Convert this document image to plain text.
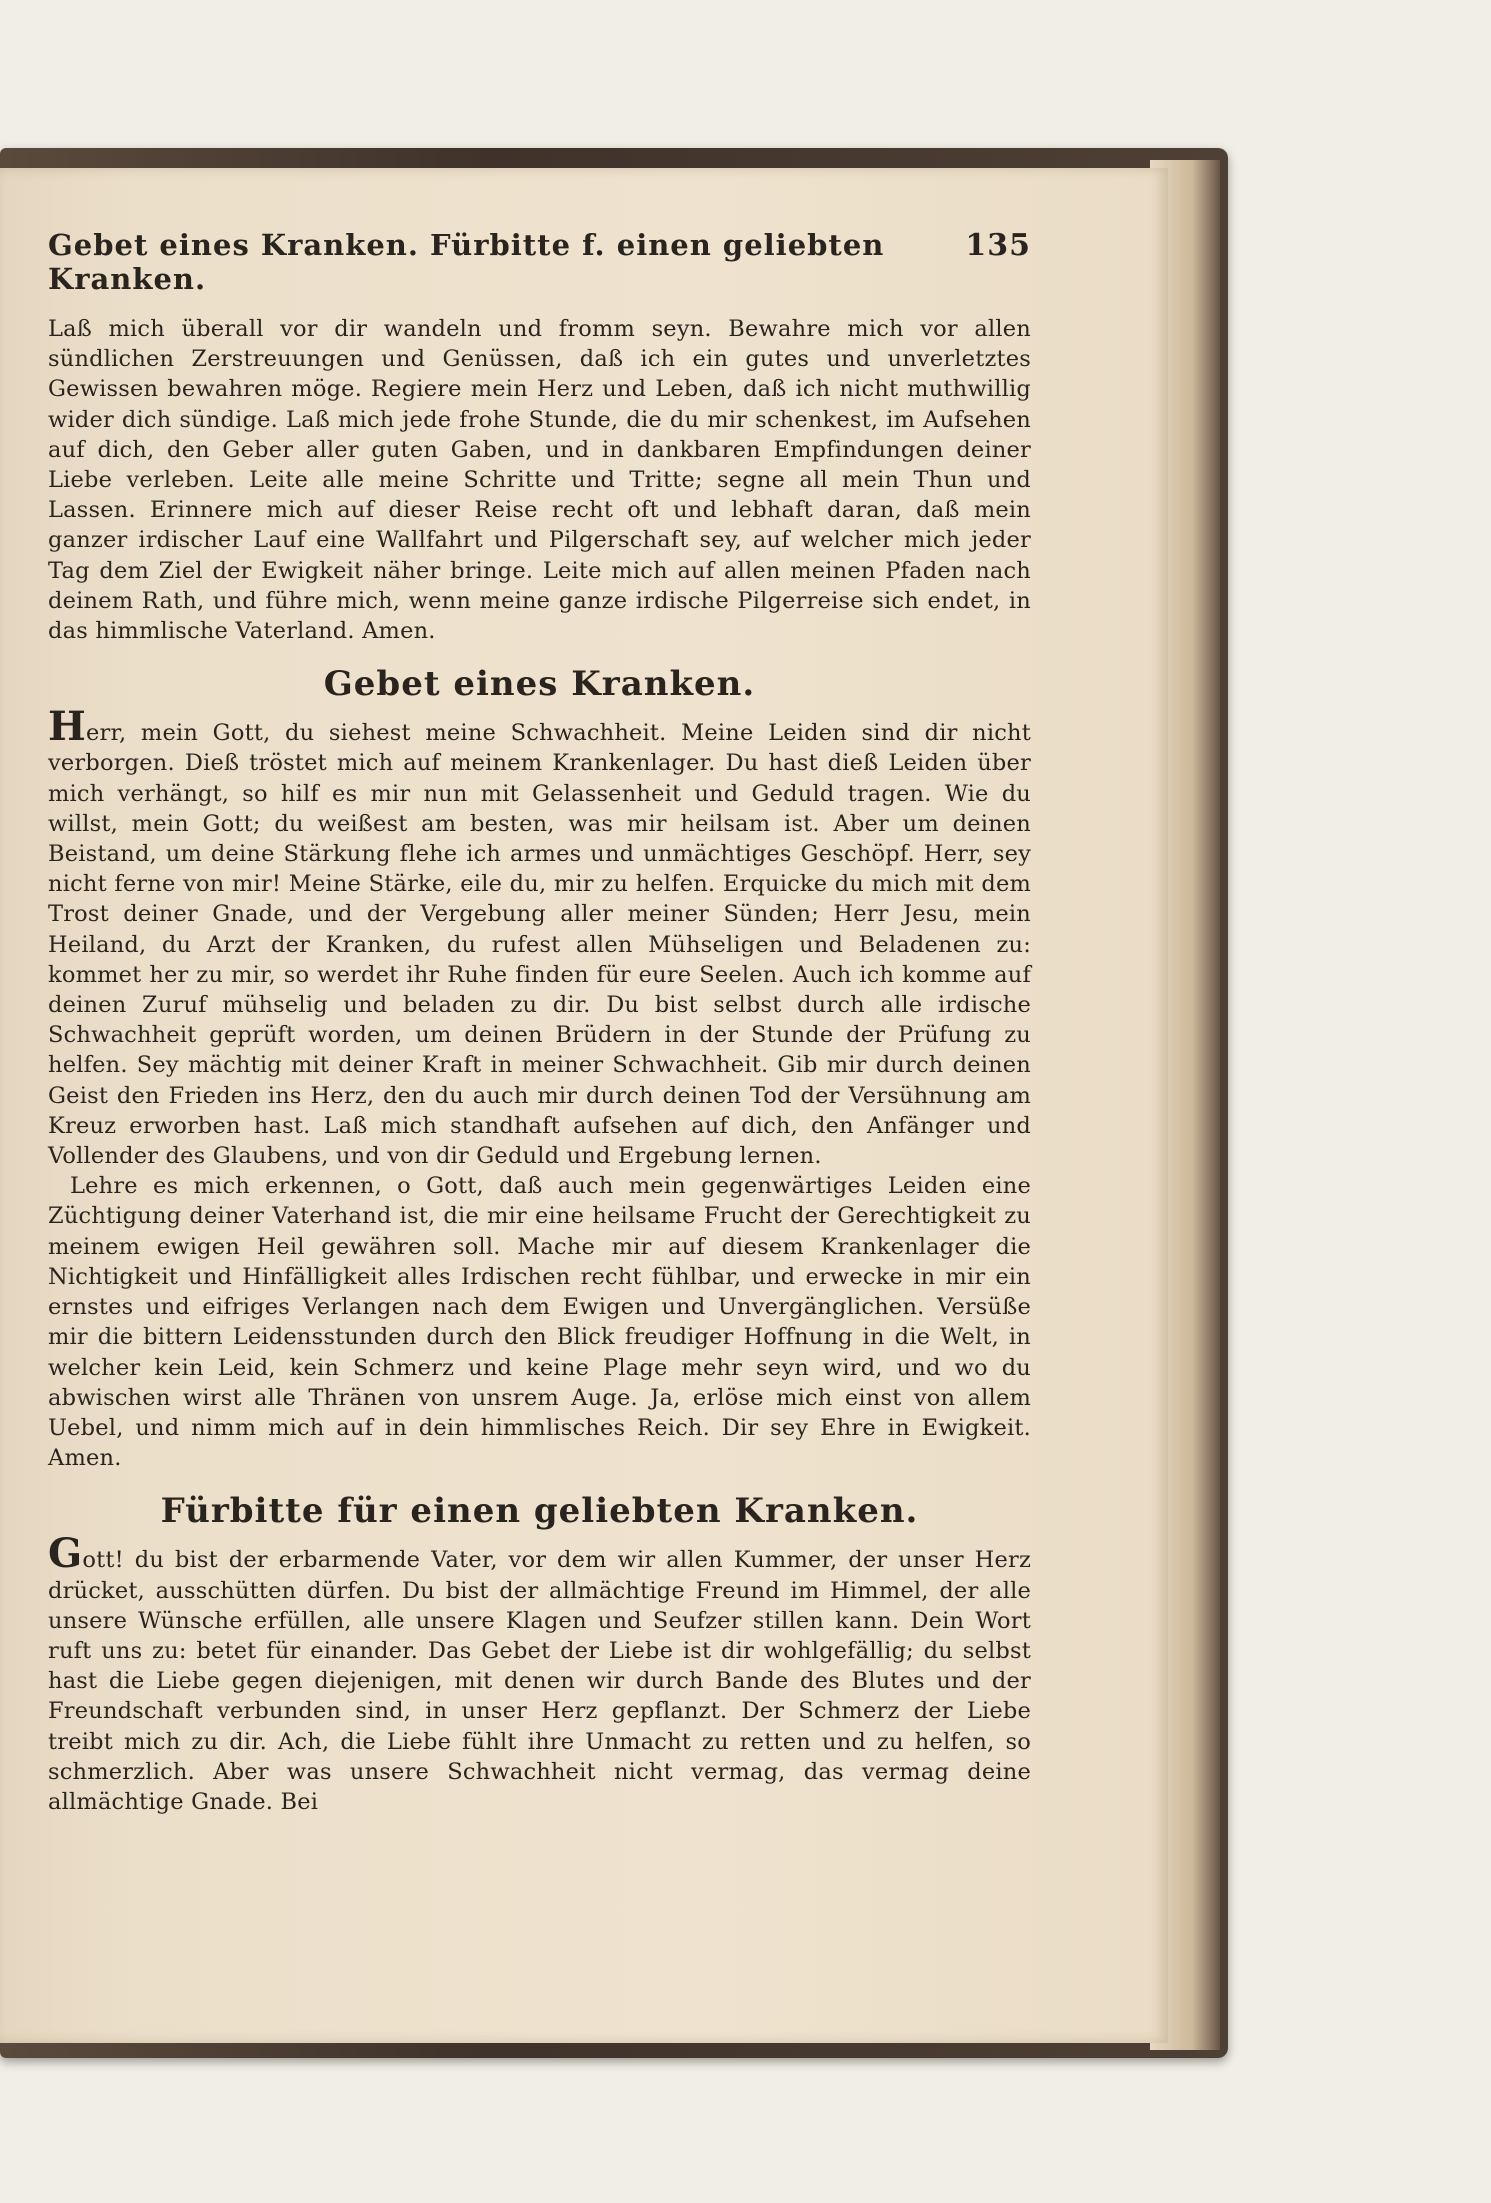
Gebet eines Kranken. Fürbitte f. einen geliebten Kranken.
135

Laß mich überall vor dir wandeln und fromm seyn. Bewahre mich vor allen sündlichen Zerstreuungen und Genüssen, daß ich ein gutes und unverletztes Gewissen bewahren möge. Regiere mein Herz und Leben, daß ich nicht muthwillig wider dich sündige. Laß mich jede frohe Stunde, die du mir schenkest, im Aufsehen auf dich, den Geber aller guten Gaben, und in dankbaren Empfindungen deiner Liebe verleben. Leite alle meine Schritte und Tritte; segne all mein Thun und Lassen. Erinnere mich auf dieser Reise recht oft und lebhaft daran, daß mein ganzer irdischer Lauf eine Wallfahrt und Pilgerschaft sey, auf welcher mich jeder Tag dem Ziel der Ewigkeit näher bringe. Leite mich auf allen meinen Pfaden nach deinem Rath, und führe mich, wenn meine ganze irdische Pilgerreise sich endet, in das himmlische Vaterland. Amen.

Gebet eines Kranken.

Herr, mein Gott, du siehest meine Schwachheit. Meine Leiden sind dir nicht verborgen. Dieß tröstet mich auf meinem Krankenlager. Du hast dieß Leiden über mich verhängt, so hilf es mir nun mit Gelassenheit und Geduld tragen. Wie du willst, mein Gott; du weißest am besten, was mir heilsam ist. Aber um deinen Beistand, um deine Stärkung flehe ich armes und unmächtiges Geschöpf. Herr, sey nicht ferne von mir! Meine Stärke, eile du, mir zu helfen. Erquicke du mich mit dem Trost deiner Gnade, und der Vergebung aller meiner Sünden; Herr Jesu, mein Heiland, du Arzt der Kranken, du rufest allen Mühseligen und Beladenen zu: kommet her zu mir, so werdet ihr Ruhe finden für eure Seelen. Auch ich komme auf deinen Zuruf mühselig und beladen zu dir. Du bist selbst durch alle irdische Schwachheit geprüft worden, um deinen Brüdern in der Stunde der Prüfung zu helfen. Sey mächtig mit deiner Kraft in meiner Schwachheit. Gib mir durch deinen Geist den Frieden ins Herz, den du auch mir durch deinen Tod der Versühnung am Kreuz erworben hast. Laß mich standhaft aufsehen auf dich, den Anfänger und Vollender des Glaubens, und von dir Geduld und Ergebung lernen.

Lehre es mich erkennen, o Gott, daß auch mein gegenwärtiges Leiden eine Züchtigung deiner Vaterhand ist, die mir eine heilsame Frucht der Gerechtigkeit zu meinem ewigen Heil gewähren soll. Mache mir auf diesem Krankenlager die Nichtigkeit und Hinfälligkeit alles Irdischen recht fühlbar, und erwecke in mir ein ernstes und eifriges Verlangen nach dem Ewigen und Unvergänglichen. Versüße mir die bittern Leidensstunden durch den Blick freudiger Hoffnung in die Welt, in welcher kein Leid, kein Schmerz und keine Plage mehr seyn wird, und wo du abwischen wirst alle Thränen von unsrem Auge. Ja, erlöse mich einst von allem Uebel, und nimm mich auf in dein himmlisches Reich. Dir sey Ehre in Ewigkeit. Amen.

Fürbitte für einen geliebten Kranken.

Gott! du bist der erbarmende Vater, vor dem wir allen Kummer, der unser Herz drücket, ausschütten dürfen. Du bist der allmächtige Freund im Himmel, der alle unsere Wünsche erfüllen, alle unsere Klagen und Seufzer stillen kann. Dein Wort ruft uns zu: betet für einander. Das Gebet der Liebe ist dir wohlgefällig; du selbst hast die Liebe gegen diejenigen, mit denen wir durch Bande des Blutes und der Freundschaft verbunden sind, in unser Herz gepflanzt. Der Schmerz der Liebe treibt mich zu dir. Ach, die Liebe fühlt ihre Unmacht zu retten und zu helfen, so schmerzlich. Aber was unsere Schwachheit nicht vermag, das vermag deine allmächtige Gnade. Bei
